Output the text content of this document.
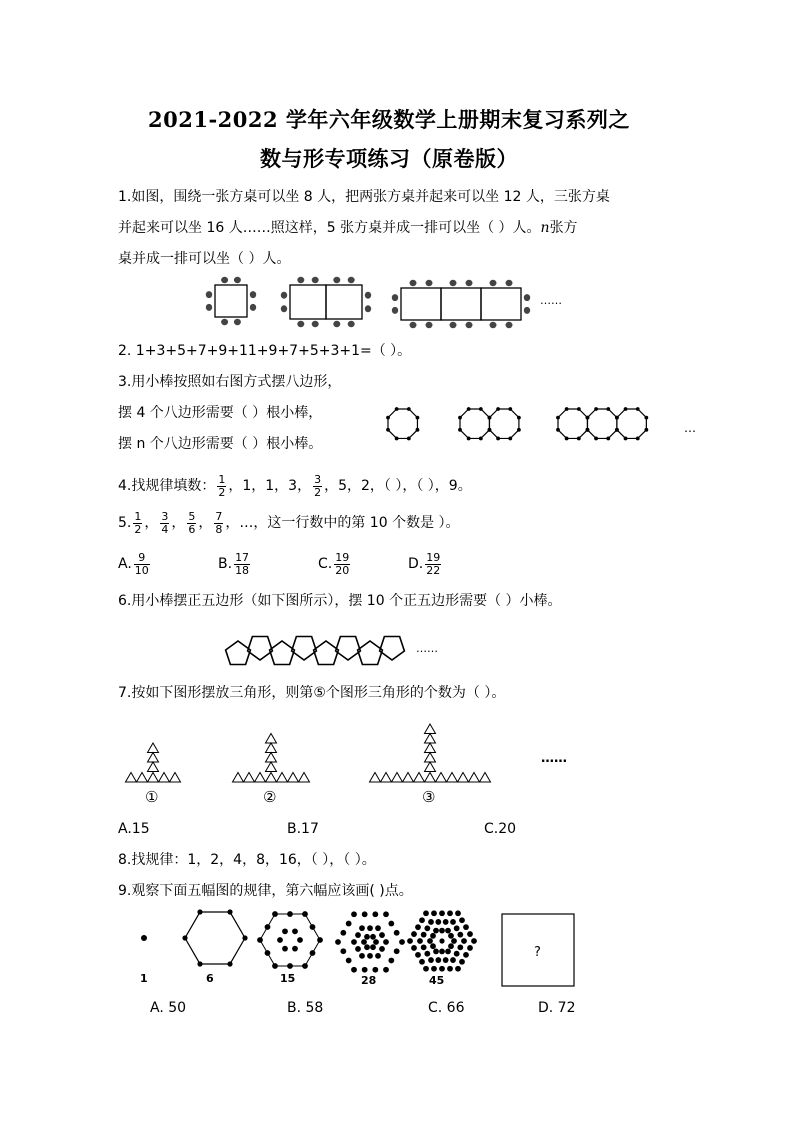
2021-2022 学年六年级数学上册期末复习系列之
数与形专项练习（原卷版）
1.如图，围绕一张方桌可以坐 8 人，把两张方桌并起来可以坐 12 人，三张方桌
并起来可以坐 16 人……照这样，5 张方桌并成一排可以坐（ ）人。n张方
桌并成一排可以坐（ ）人。
……
2. 1+3+5+7+9+11+9+7+5+3+1=（ ）。
3.用小棒按照如右图方式摆八边形，
摆 4 个八边形需要（ ）根小棒，
摆 n 个八边形需要（ ）根小棒。
…
4.找规律填数： $\frac{1}{2}$ ，1，1，3， $\frac{3}{2}$ ，5，2，（ ），（ ），9。
5. $\frac{1}{2}$ ， $\frac{3}{4}$ ， $\frac{5}{6}$ ， $\frac{7}{8}$ ，…，这一行数中的第 10 个数是 ）。
A. $\frac{9}{10}$	B. $\frac{17}{18}$	C. $\frac{19}{20}$	D. $\frac{19}{22}$
6.用小棒摆正五边形（如下图所示），摆 10 个正五边形需要（ ）小棒。
……
7.按如下图形摆放三角形，则第⑤个图形三角形的个数为（ ）。
①	②	③
……
A.15	B.17	C.20
8.找规律：1，2，4，8，16，（ ），（ ）。
9.观察下面五幅图的规律，第六幅应该画( )点。
?
1	6	15	28	45
A. 50	B. 58	C. 66	D. 72
